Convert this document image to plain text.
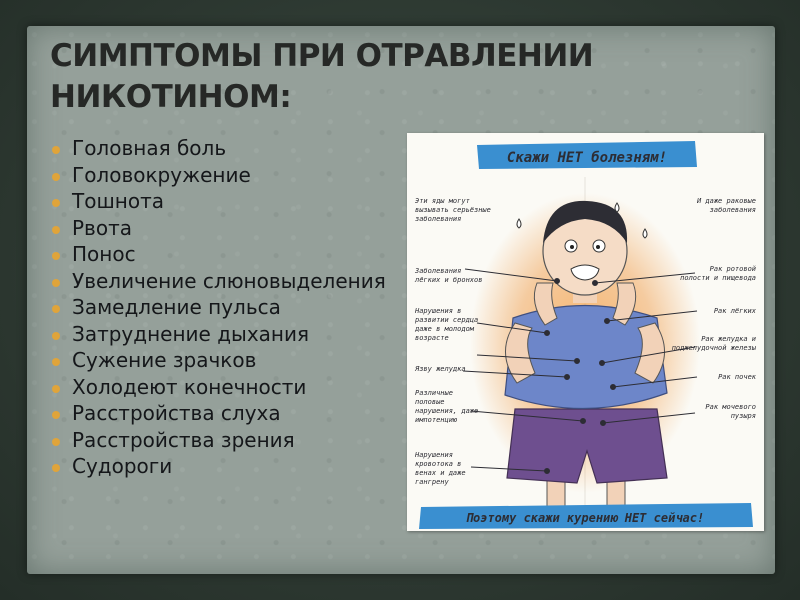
СИМПТОМЫ ПРИ ОТРАВЛЕНИИ
НИКОТИНОМ:
Головная боль
Головокружение
Тошнота
Рвота
Понос
Увеличение слюновыделения
Замедление пульса
Затруднение дыхания
Сужение зрачков
Холодеют конечности
Расстройства слуха
Расстройства зрения
Судороги
Скажи НЕТ болезням!
Эти яды могут вызывать серьёзные заболевания
Заболевания лёгких и бронхов
Нарушения в развитии сердца даже в молодом возрасте
Язву желудка
Различные половые нарушения, даже импотенцию
Нарушения кровотока в венах и даже гангрену
И даже раковые заболевания
Рак ротовой полости и пищевода
Рак лёгких
Рак желудка и поджелудочной железы
Рак почек
Рак мочевого пузыря
Поэтому скажи курению НЕТ сейчас!
